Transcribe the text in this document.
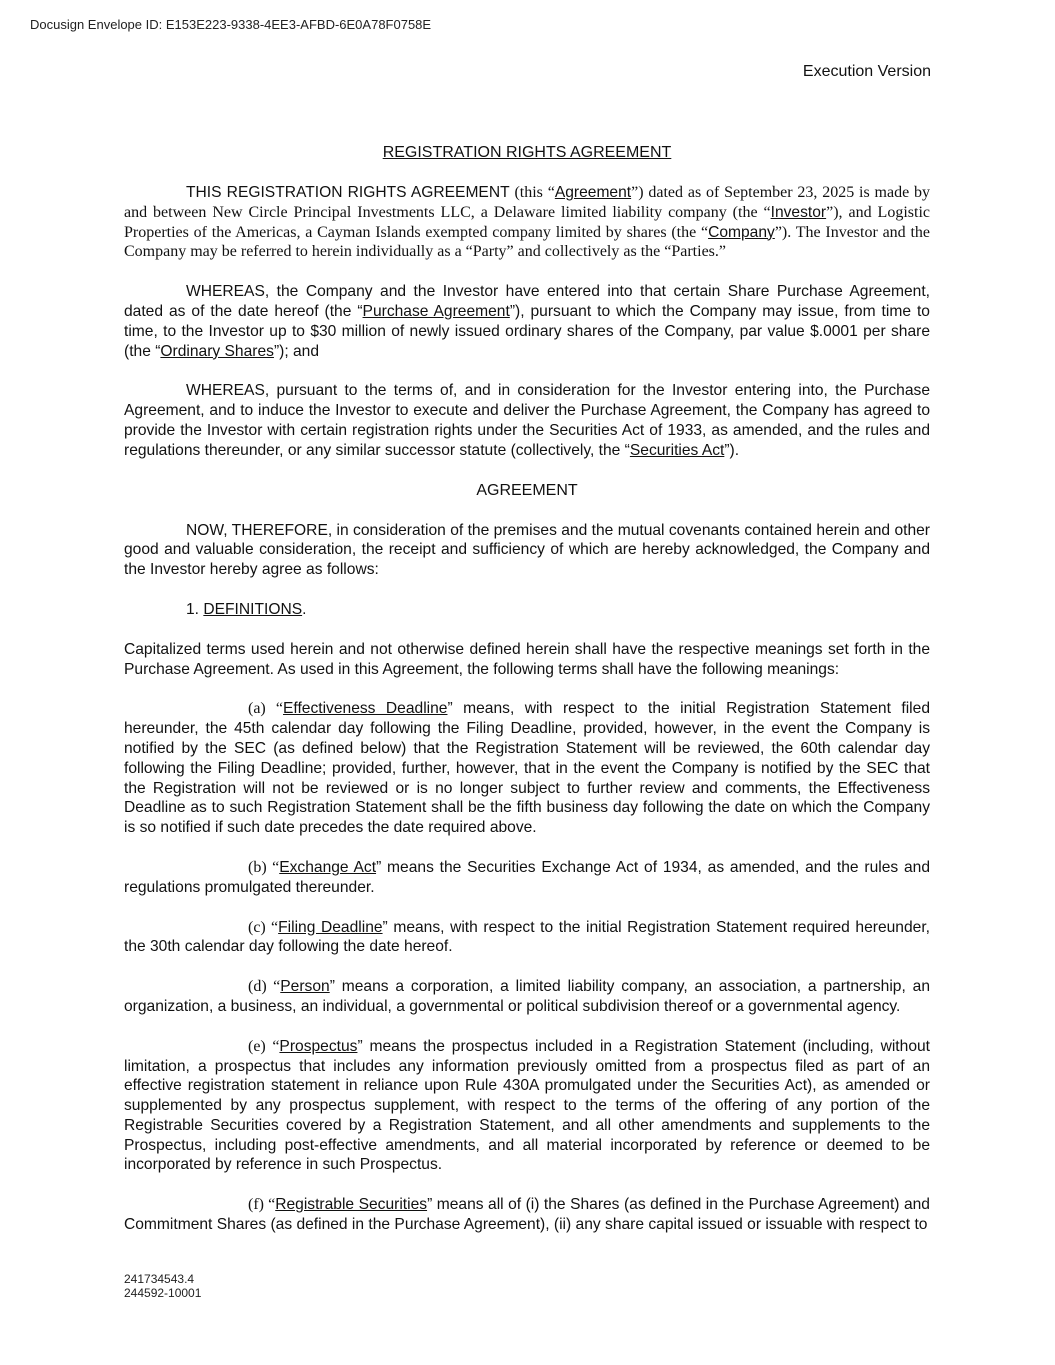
Docusign Envelope ID: E153E223-9338-4EE3-AFBD-6E0A78F0758E
Execution Version
REGISTRATION RIGHTS AGREEMENT

THIS REGISTRATION RIGHTS AGREEMENT (this “Agreement”) dated as of September 23, 2025 is made by and between New Circle Principal Investments LLC, a Delaware limited liability company (the “Investor”), and Logistic Properties of the Americas, a Cayman Islands exempted company limited by shares (the “Company”). The Investor and the Company may be referred to herein individually as a “Party” and collectively as the “Parties.”

WHEREAS, the Company and the Investor have entered into that certain Share Purchase Agreement, dated as of the date hereof (the “Purchase Agreement”), pursuant to which the Company may issue, from time to time, to the Investor up to $30 million of newly issued ordinary shares of the Company, par value $.0001 per share (the “Ordinary Shares”); and

WHEREAS, pursuant to the terms of, and in consideration for the Investor entering into, the Purchase Agreement, and to induce the Investor to execute and deliver the Purchase Agreement, the Company has agreed to provide the Investor with certain registration rights under the Securities Act of 1933, as amended, and the rules and regulations thereunder, or any similar successor statute (collectively, the “Securities Act”).

AGREEMENT

NOW, THEREFORE, in consideration of the premises and the mutual covenants contained herein and other good and valuable consideration, the receipt and sufficiency of which are hereby acknowledged, the Company and the Investor hereby agree as follows:

1. DEFINITIONS.

Capitalized terms used herein and not otherwise defined herein shall have the respective meanings set forth in the Purchase Agreement. As used in this Agreement, the following terms shall have the following meanings:

(a) “Effectiveness Deadline” means, with respect to the initial Registration Statement filed hereunder, the 45th calendar day following the Filing Deadline, provided, however, in the event the Company is notified by the SEC (as defined below) that the Registration Statement will be reviewed, the 60th calendar day following the Filing Deadline; provided, further, however, that in the event the Company is notified by the SEC that the Registration will not be reviewed or is no longer subject to further review and comments, the Effectiveness Deadline as to such Registration Statement shall be the fifth business day following the date on which the Company is so notified if such date precedes the date required above.

(b) “Exchange Act” means the Securities Exchange Act of 1934, as amended, and the rules and regulations promulgated thereunder.

(c) “Filing Deadline” means, with respect to the initial Registration Statement required hereunder, the 30th calendar day following the date hereof.

(d) “Person” means a corporation, a limited liability company, an association, a partnership, an organization, a business, an individual, a governmental or political subdivision thereof or a governmental agency.

(e) “Prospectus” means the prospectus included in a Registration Statement (including, without limitation, a prospectus that includes any information previously omitted from a prospectus filed as part of an effective registration statement in reliance upon Rule 430A promulgated under the Securities Act), as amended or supplemented by any prospectus supplement, with respect to the terms of the offering of any portion of the Registrable Securities covered by a Registration Statement, and all other amendments and supplements to the Prospectus, including post-effective amendments, and all material incorporated by reference or deemed to be incorporated by reference in such Prospectus.

(f) “Registrable Securities” means all of (i) the Shares (as defined in the Purchase Agreement) and Commitment Shares (as defined in the Purchase Agreement), (ii) any share capital issued or issuable with respect to

241734543.4
244592-10001
